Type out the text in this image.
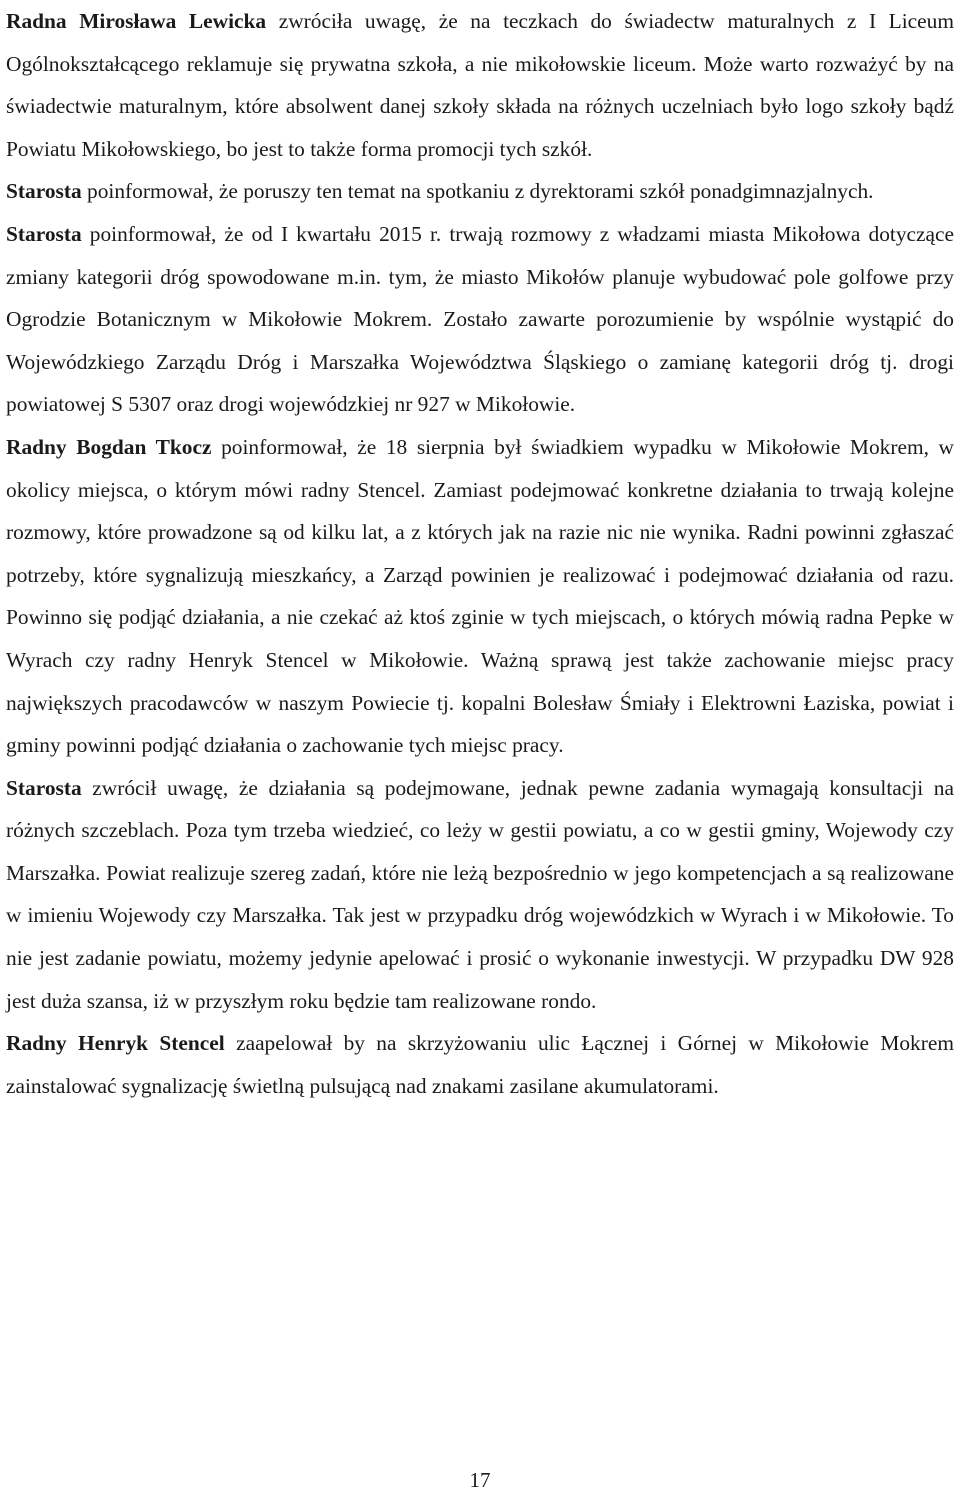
Radna Mirosława Lewicka zwróciła uwagę, że na teczkach do świadectw maturalnych z I Liceum Ogólnokształcącego reklamuje się prywatna szkoła, a nie mikołowskie liceum. Może warto rozważyć by na świadectwie maturalnym, które absolwent danej szkoły składa na różnych uczelniach było logo szkoły bądź Powiatu Mikołowskiego, bo jest to także forma promocji tych szkół.

Starosta poinformował, że poruszy ten temat na spotkaniu z dyrektorami szkół ponadgimnazjalnych.

Starosta poinformował, że od I kwartału 2015 r. trwają rozmowy z władzami miasta Mikołowa dotyczące zmiany kategorii dróg spowodowane m.in. tym, że miasto Mikołów planuje wybudować pole golfowe przy Ogrodzie Botanicznym w Mikołowie Mokrem. Zostało zawarte porozumienie by wspólnie wystąpić do Wojewódzkiego Zarządu Dróg i Marszałka Województwa Śląskiego o zamianę kategorii dróg tj. drogi powiatowej S 5307 oraz drogi wojewódzkiej nr 927 w Mikołowie.

Radny Bogdan Tkocz poinformował, że 18 sierpnia był świadkiem wypadku w Mikołowie Mokrem, w okolicy miejsca, o którym mówi radny Stencel. Zamiast podejmować konkretne działania to trwają kolejne rozmowy, które prowadzone są od kilku lat, a z których jak na razie nic nie wynika. Radni powinni zgłaszać potrzeby, które sygnalizują mieszkańcy, a Zarząd powinien je realizować i podejmować działania od razu. Powinno się podjąć działania, a nie czekać aż ktoś zginie w tych miejscach, o których mówią radna Pepke w Wyrach czy radny Henryk Stencel w Mikołowie. Ważną sprawą jest także zachowanie miejsc pracy największych pracodawców w naszym Powiecie tj. kopalni Bolesław Śmiały i Elektrowni Łaziska, powiat i gminy powinni podjąć działania o zachowanie tych miejsc pracy.

Starosta zwrócił uwagę, że działania są podejmowane, jednak pewne zadania wymagają konsultacji na różnych szczeblach. Poza tym trzeba wiedzieć, co leży w gestii powiatu, a co w gestii gminy, Wojewody czy Marszałka. Powiat realizuje szereg zadań, które nie leżą bezpośrednio w jego kompetencjach a są realizowane w imieniu Wojewody czy Marszałka. Tak jest w przypadku dróg wojewódzkich w Wyrach i w Mikołowie. To nie jest zadanie powiatu, możemy jedynie apelować i prosić o wykonanie inwestycji. W przypadku DW 928 jest duża szansa, iż w przyszłym roku będzie tam realizowane rondo.

Radny Henryk Stencel zaapelował by na skrzyżowaniu ulic Łącznej i Górnej w Mikołowie Mokrem zainstalować sygnalizację świetlną pulsującą nad znakami zasilane akumulatorami.

17
